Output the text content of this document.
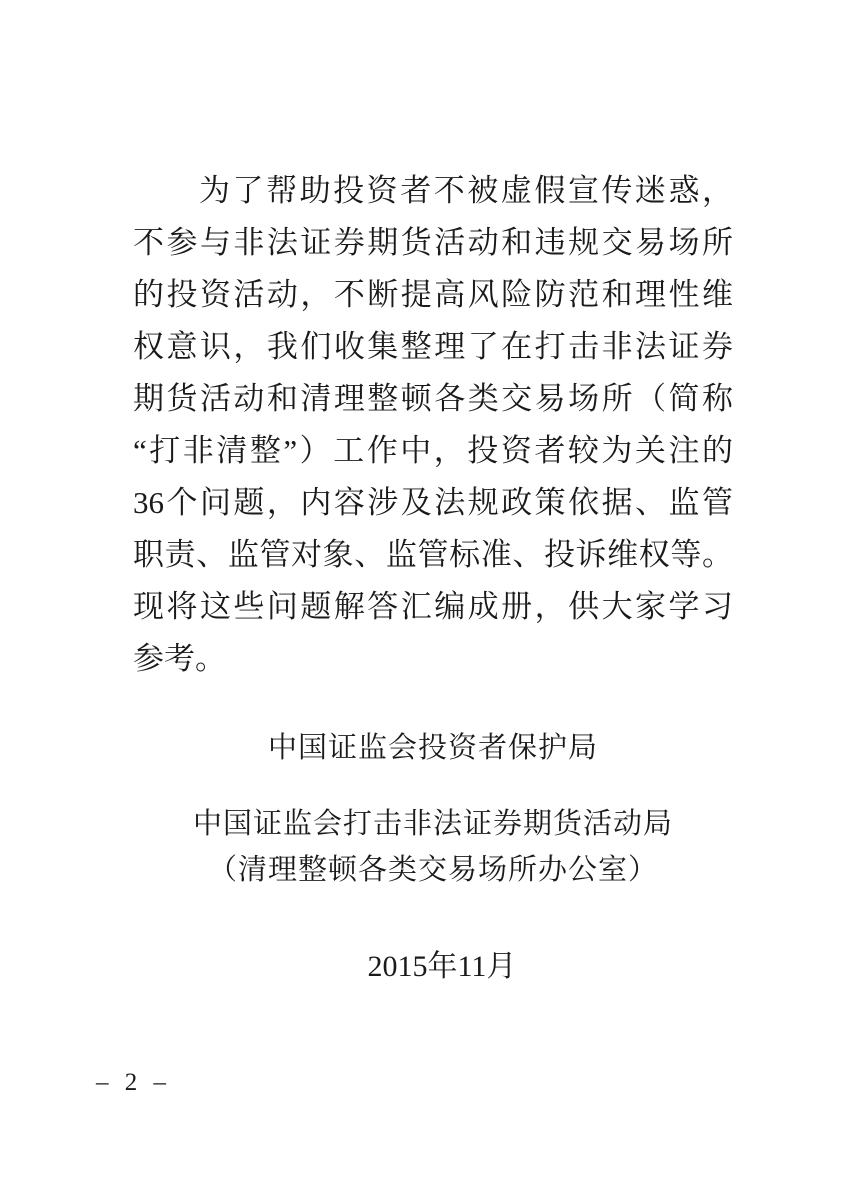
为了帮助投资者不被虚假宣传迷惑，
不参与非法证券期货活动和违规交易场所
的投资活动，不断提高风险防范和理性维
权意识，我们收集整理了在打击非法证券
期货活动和清理整顿各类交易场所（简称
“打非清整”）工作中，投资者较为关注的
36个问题，内容涉及法规政策依据、监管
职责、监管对象、监管标准、投诉维权等。
现将这些问题解答汇编成册，供大家学习
参考。
中国证监会投资者保护局
中国证监会打击非法证券期货活动局
（清理整顿各类交易场所办公室）
2015年11月
– 2 –
